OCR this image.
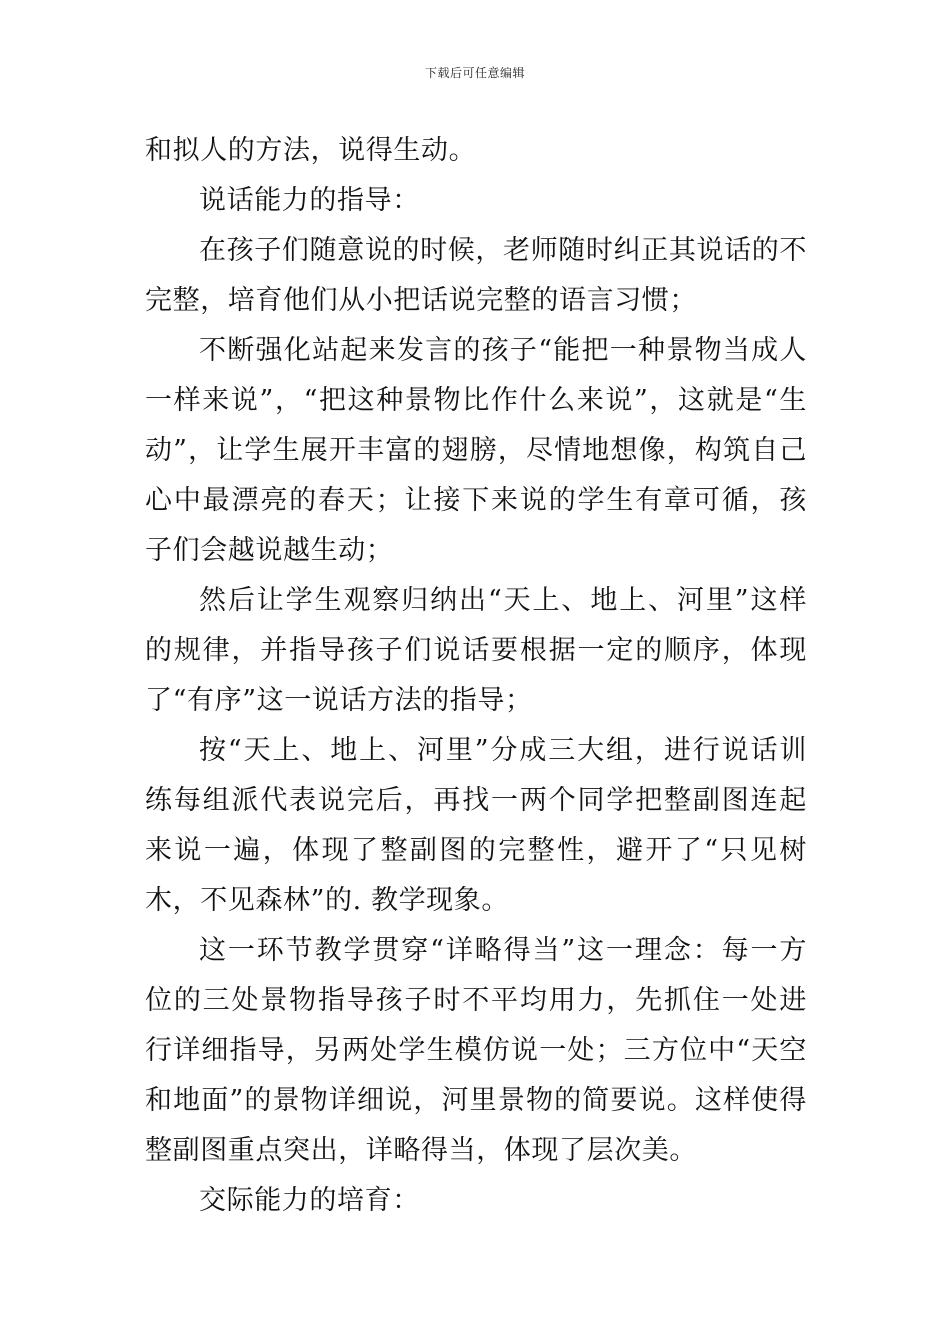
下载后可任意编辑

和拟人的方法，说得生动。

说话能力的指导：

在孩子们随意说的时候，老师随时纠正其说话的不完整，培育他们从小把话说完整的语言习惯；

不断强化站起来发言的孩子“能把一种景物当成人一样来说”，“把这种景物比作什么来说”，这就是“生动”，让学生展开丰富的翅膀，尽情地想像，构筑自己心中最漂亮的春天；让接下来说的学生有章可循，孩子们会越说越生动；

然后让学生观察归纳出“天上、地上、河里”这样的规律，并指导孩子们说话要根据一定的顺序，体现了“有序”这一说话方法的指导；

按“天上、地上、河里”分成三大组，进行说话训练每组派代表说完后，再找一两个同学把整副图连起来说一遍，体现了整副图的完整性，避开了“只见树木，不见森林”的. 教学现象。

这一环节教学贯穿“详略得当”这一理念：每一方位的三处景物指导孩子时不平均用力，先抓住一处进行详细指导，另两处学生模仿说一处；三方位中“天空和地面”的景物详细说，河里景物的简要说。这样使得整副图重点突出，详略得当，体现了层次美。

交际能力的培育：
